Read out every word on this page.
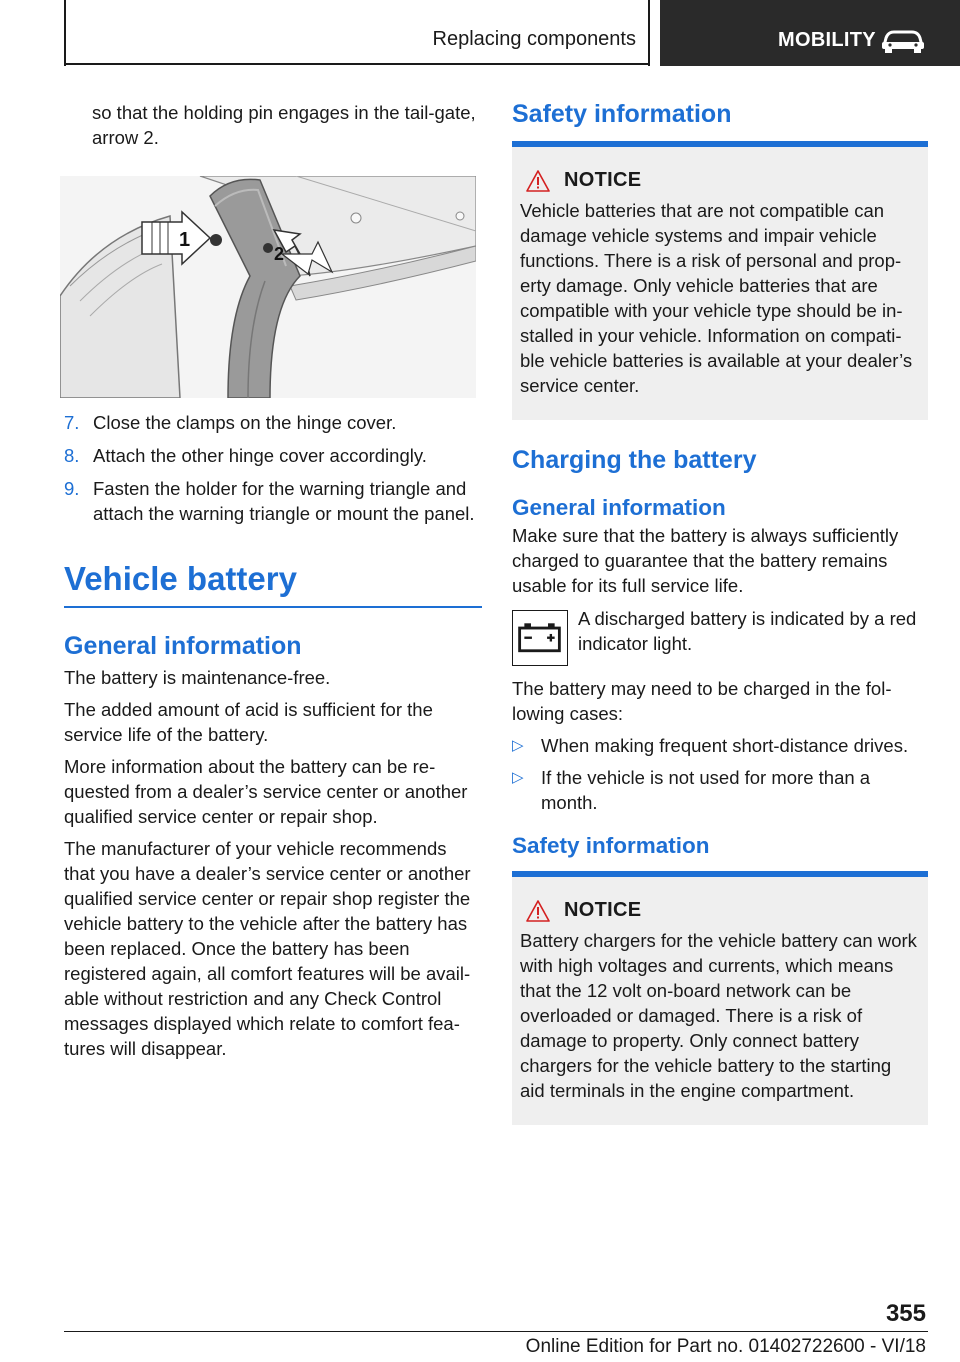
Replacing components	MOBILITY

so that the holding pin engages in the tail-gate, arrow 2.

1
2
7. Close the clamps on the hinge cover.
8. Attach the other hinge cover accordingly.
9. Fasten the holder for the warning triangle and attach the warning triangle or mount the panel.
Vehicle battery
General information

The battery is maintenance-free.

The added amount of acid is sufficient for the service life of the battery.

More information about the battery can be re-quested from a dealer’s service center or another qualified service center or repair shop.

The manufacturer of your vehicle recommends that you have a dealer’s service center or another qualified service center or repair shop register the vehicle battery to the vehicle after the battery has been replaced. Once the battery has been registered again, all comfort features will be avail-able without restriction and any Check Control messages displayed which relate to comfort fea-tures will disappear.

Safety information
NOTICE

Vehicle batteries that are not compatible can damage vehicle systems and impair vehicle functions. There is a risk of personal and prop-erty damage. Only vehicle batteries that are compatible with your vehicle type should be in-stalled in your vehicle. Information on compati-ble vehicle batteries is available at your dealer’s service center.

Charging the battery
General information

Make sure that the battery is always sufficiently charged to guarantee that the battery remains usable for its full service life.

A discharged battery is indicated by a red indicator light.

The battery may need to be charged in the fol-lowing cases:

▷ When making frequent short-distance drives.
▷ If the vehicle is not used for more than a month.
Safety information
NOTICE

Battery chargers for the vehicle battery can work with high voltages and currents, which means that the 12 volt on-board network can be overloaded or damaged. There is a risk of damage to property. Only connect battery chargers for the vehicle battery to the starting aid terminals in the engine compartment.

355
Online Edition for Part no. 01402722600 - VI/18
